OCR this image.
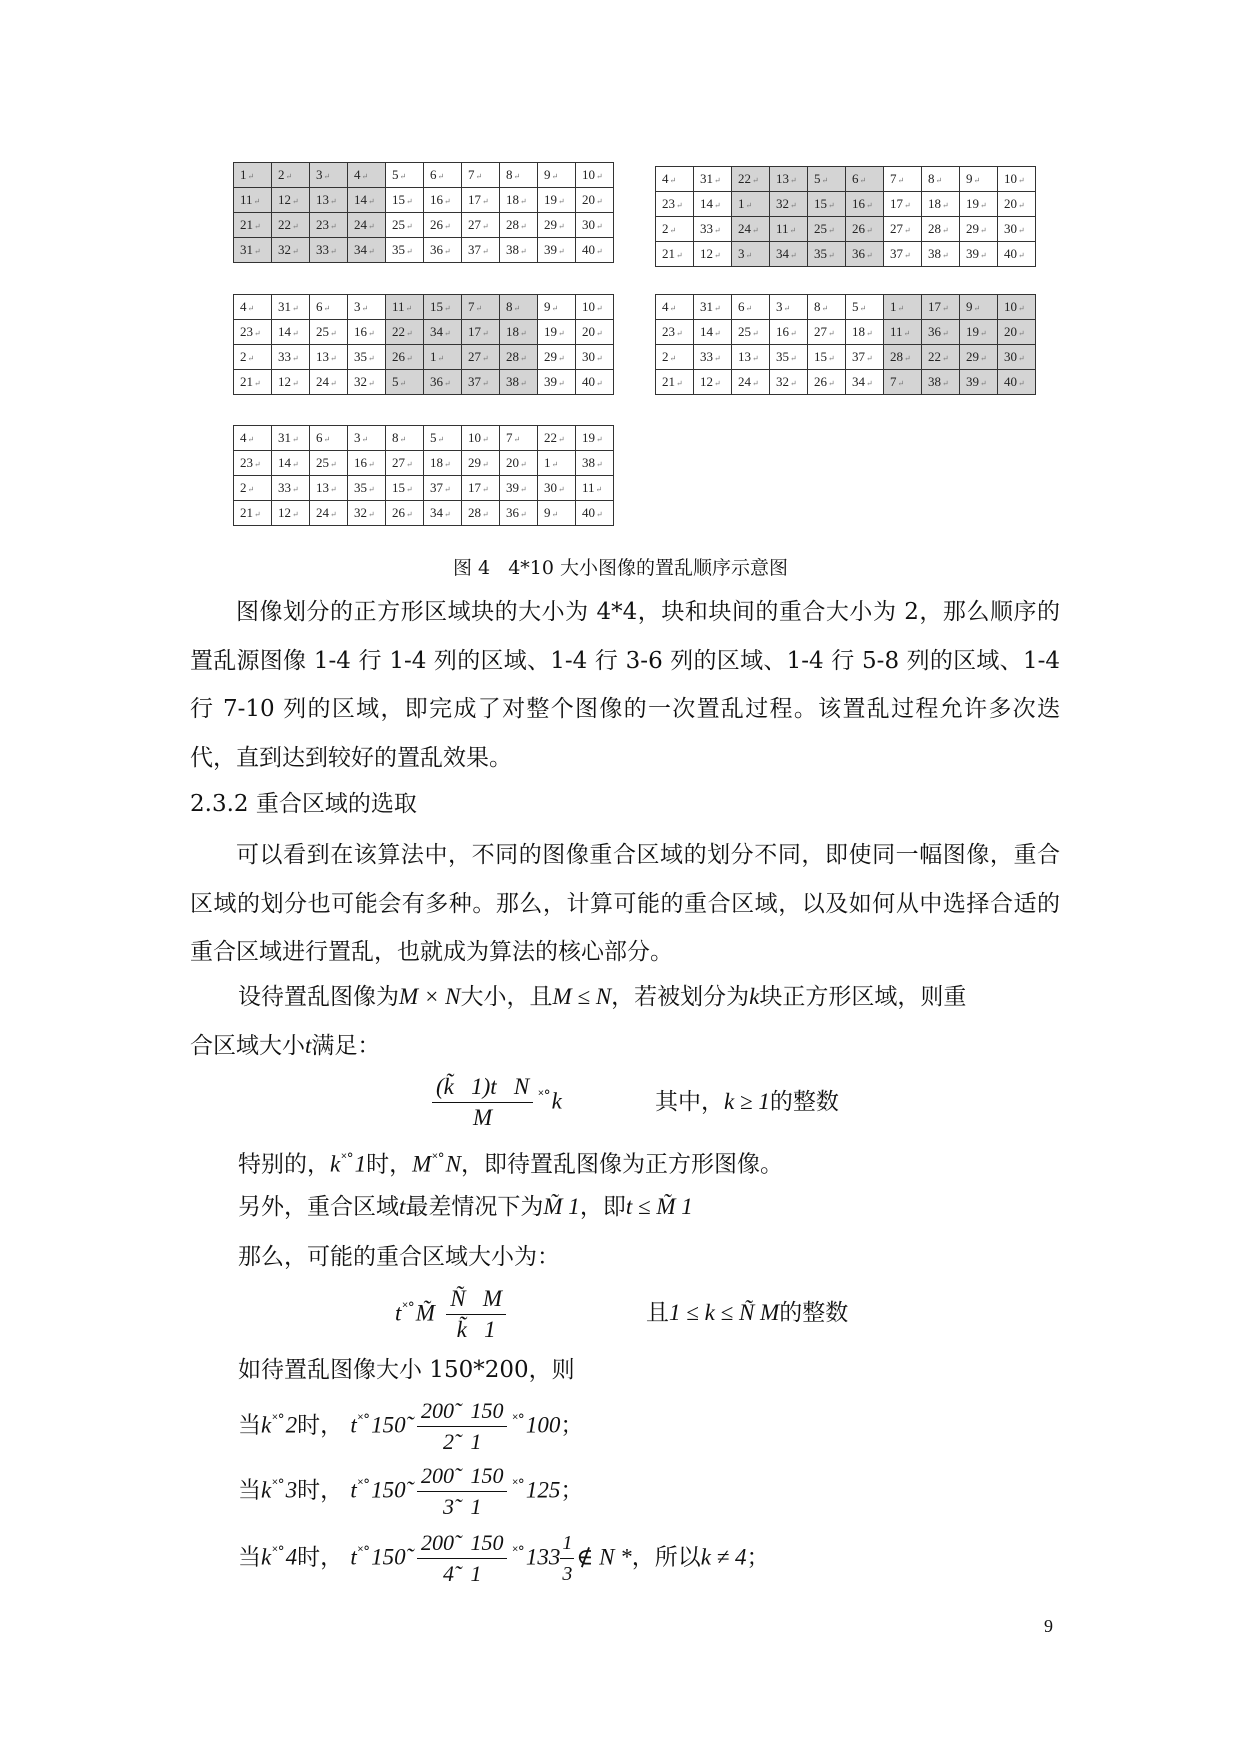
1 ↵	2 ↵	3 ↵	4 ↵	5 ↵	6 ↵	7 ↵	8 ↵	9 ↵	10 ↵
11 ↵	12 ↵	13 ↵	14 ↵	15 ↵	16 ↵	17 ↵	18 ↵	19 ↵	20 ↵
21 ↵	22 ↵	23 ↵	24 ↵	25 ↵	26 ↵	27 ↵	28 ↵	29 ↵	30 ↵
31 ↵	32 ↵	33 ↵	34 ↵	35 ↵	36 ↵	37 ↵	38 ↵	39 ↵	40 ↵
4 ↵	31 ↵	22 ↵	13 ↵	5 ↵	6 ↵	7 ↵	8 ↵	9 ↵	10 ↵
23 ↵	14 ↵	1 ↵	32 ↵	15 ↵	16 ↵	17 ↵	18 ↵	19 ↵	20 ↵
2 ↵	33 ↵	24 ↵	11 ↵	25 ↵	26 ↵	27 ↵	28 ↵	29 ↵	30 ↵
21 ↵	12 ↵	3 ↵	34 ↵	35 ↵	36 ↵	37 ↵	38 ↵	39 ↵	40 ↵
4 ↵	31 ↵	6 ↵	3 ↵	11 ↵	15 ↵	7 ↵	8 ↵	9 ↵	10 ↵
23 ↵	14 ↵	25 ↵	16 ↵	22 ↵	34 ↵	17 ↵	18 ↵	19 ↵	20 ↵
2 ↵	33 ↵	13 ↵	35 ↵	26 ↵	1 ↵	27 ↵	28 ↵	29 ↵	30 ↵
21 ↵	12 ↵	24 ↵	32 ↵	5 ↵	36 ↵	37 ↵	38 ↵	39 ↵	40 ↵
4 ↵	31 ↵	6 ↵	3 ↵	8 ↵	5 ↵	1 ↵	17 ↵	9 ↵	10 ↵
23 ↵	14 ↵	25 ↵	16 ↵	27 ↵	18 ↵	11 ↵	36 ↵	19 ↵	20 ↵
2 ↵	33 ↵	13 ↵	35 ↵	15 ↵	37 ↵	28 ↵	22 ↵	29 ↵	30 ↵
21 ↵	12 ↵	24 ↵	32 ↵	26 ↵	34 ↵	7 ↵	38 ↵	39 ↵	40 ↵
4 ↵	31 ↵	6 ↵	3 ↵	8 ↵	5 ↵	10 ↵	7 ↵	22 ↵	19 ↵
23 ↵	14 ↵	25 ↵	16 ↵	27 ↵	18 ↵	29 ↵	20 ↵	1 ↵	38 ↵
2 ↵	33 ↵	13 ↵	35 ↵	15 ↵	37 ↵	17 ↵	39 ↵	30 ↵	11 ↵
21 ↵	12 ↵	24 ↵	32 ↵	26 ↵	34 ↵	28 ↵	36 ↵	9 ↵	40 ↵
图 4   4*10 大小图像的置乱顺序示意图

图像划分的正方形区域块的大小为 4*4，块和块间的重合大小为 2，那么顺序的置乱源图像 1-4 行 1-4 列的区域、1-4 行 3-6 列的区域、1-4 行 5-8 列的区域、1-4 行 7-10 列的区域，即完成了对整个图像的一次置乱过程。该置乱过程允许多次迭代，直到达到较好的置乱效果。

2.3.2 重合区域的选取

可以看到在该算法中，不同的图像重合区域的划分不同，即使同一幅图像，重合区域的划分也可能会有多种。那么，计算可能的重合区域，以及如何从中选择合适的重合区域进行置乱，也就成为算法的核心部分。

设待置乱图像为M × N大小，且M ≤ N，若被划分为k块正方形区域，则重
合区域大小t满足：
$\frac{\text{(k̃   1)t   N}}{M} ^{˟^\circ}k$	其中，k ≥ 1的整数
特别的，k˟°1时，M˟°N，即待置乱图像为正方形图像。
另外，重合区域t最差情况下为M̃ 1，即t ≤ M̃ 1
那么，可能的重合区域大小为：
t˟°M̃ $\frac{\text{Ñ   M}}{k̃ 1}$	且1 ≤ k ≤ Ñ M的整数
如待置乱图像大小 150*200，则
当k˟°2时， t˟°150̃ $\frac{200̃ 150}{2̃ 1} ^{˟^\circ}100$；
当k˟°3时， t˟°150̃ $\frac{200̃ 150}{3̃ 1} ^{˟^\circ}125$；
当k˟°4时， t˟°150̃ $\frac{200̃ 150}{4̃ 1} ^{˟^\circ}133 \frac{1}{3}$ ∉ N *，所以k ≠ 4；
9
